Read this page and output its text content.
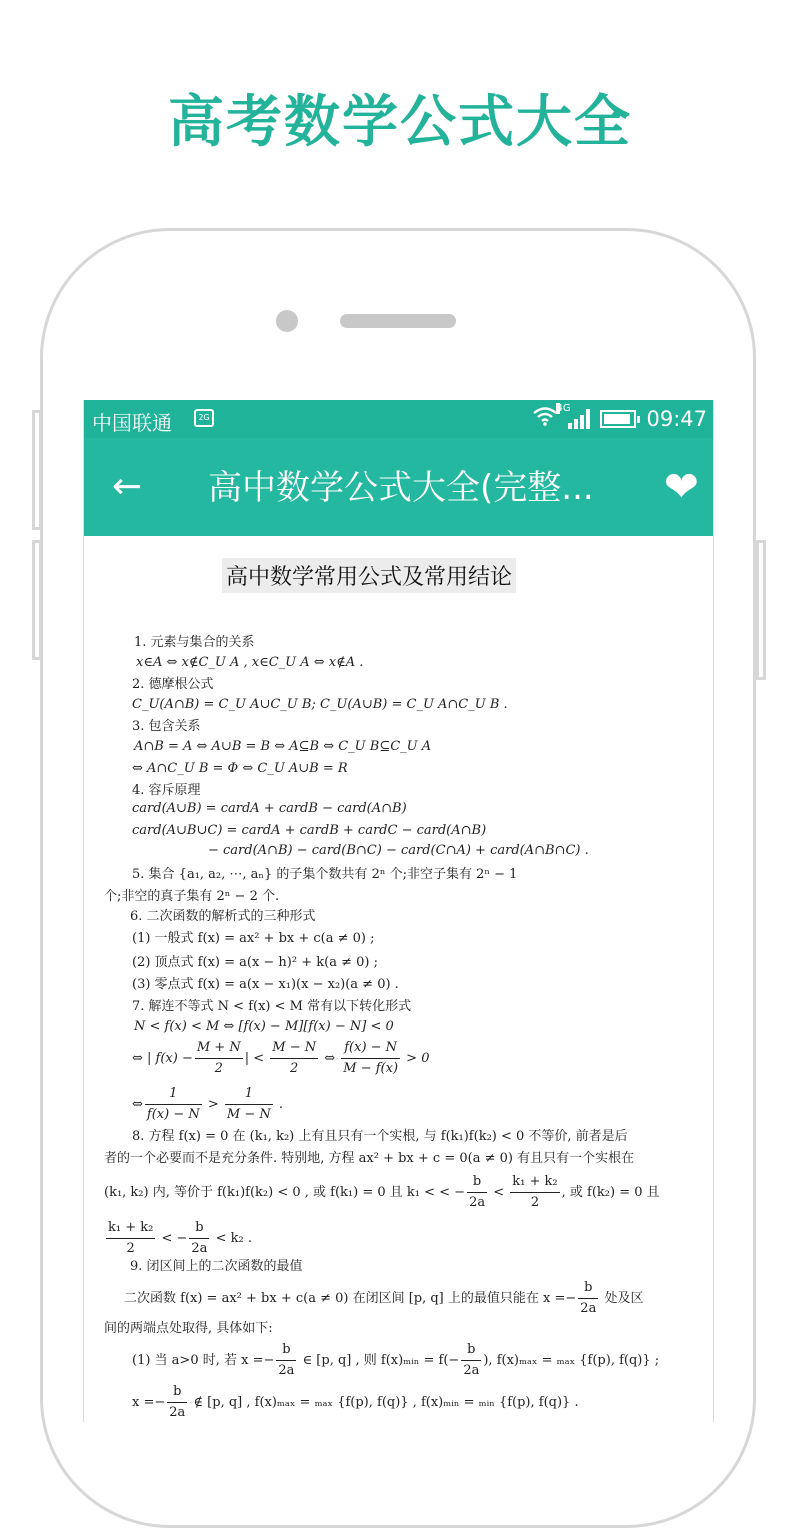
高考数学公式大全
中国联通	2G
4G	09:47
← 高中数学公式大全(完整...	❤
高中数学常用公式及常用结论
1. 元素与集合的关系
x∈A ⇔ x∉C_U A , x∈C_U A ⇔ x∉A .
2. 德摩根公式
C_U(A∩B) = C_U A∪C_U B; C_U(A∪B) = C_U A∩C_U B .
3. 包含关系
A∩B = A ⇔ A∪B = B ⇔ A⊆B ⇔ C_U B⊆C_U A
⇔ A∩C_U B = Φ ⇔ C_U A∪B = R
4. 容斥原理
card(A∪B) = cardA + cardB − card(A∩B)
card(A∪B∪C) = cardA + cardB + cardC − card(A∩B)
− card(A∩B) − card(B∩C) − card(C∩A) + card(A∩B∩C) .
5. 集合 {a₁, a₂, ⋯, aₙ} 的子集个数共有 2ⁿ 个;非空子集有 2ⁿ − 1
个;非空的真子集有 2ⁿ − 2 个.
6. 二次函数的解析式的三种形式
(1) 一般式 f(x) = ax² + bx + c(a ≠ 0) ;
(2) 顶点式 f(x) = a(x − h)² + k(a ≠ 0) ;
(3) 零点式 f(x) = a(x − x₁)(x − x₂)(a ≠ 0) .
7. 解连不等式 N < f(x) < M 常有以下转化形式
N < f(x) < M ⇔ [f(x) − M][f(x) − N] < 0
⇔ | $f(x) - \frac{M + N}{2}$ | < $\frac{M - N}{2}$ ⇔ $\frac{f(x) - N}{M - f(x)} > 0$
⇔ $\frac{1}{f(x) - N} > \frac{1}{M - N}$ .
8. 方程 f(x) = 0 在 (k₁, k₂) 上有且只有一个实根, 与 f(k₁)f(k₂) < 0 不等价, 前者是后
者的一个必要而不是充分条件. 特别地, 方程 ax² + bx + c = 0(a ≠ 0) 有且只有一个实根在
(k₁, k₂) 内, 等价于 f(k₁)f(k₂) < 0 , 或 f(k₁) = 0 且 k₁ < < − $\frac{b}{2a} < \frac{\text{k₁ + k₂}}{2}$ , 或 f(k₂) = 0 且
$\frac{\text{k₁ + k₂}}{2}$ < − $\frac{b}{2a} < k_2$ .
9. 闭区间上的二次函数的最值
二次函数 f(x) = ax² + bx + c(a ≠ 0) 在闭区间 [p, q] 上的最值只能在 $x =- \frac{b}{2a}$ 处及区
间的两端点处取得, 具体如下:
(1) 当 a>0 时, 若 $x =- \frac{b}{2a}$ ∈ [p, q] , 则 f(x)ₘᵢₙ = $f(- \frac{b}{2a}$ ), f(x)ₘₐₓ = ₘₐₓ {f(p), f(q)} ;
$x =- \frac{b}{2a}$ ∉ [p, q] , f(x)ₘₐₓ = ₘₐₓ {f(p), f(q)} , f(x)ₘᵢₙ = ₘᵢₙ {f(p), f(q)} .
